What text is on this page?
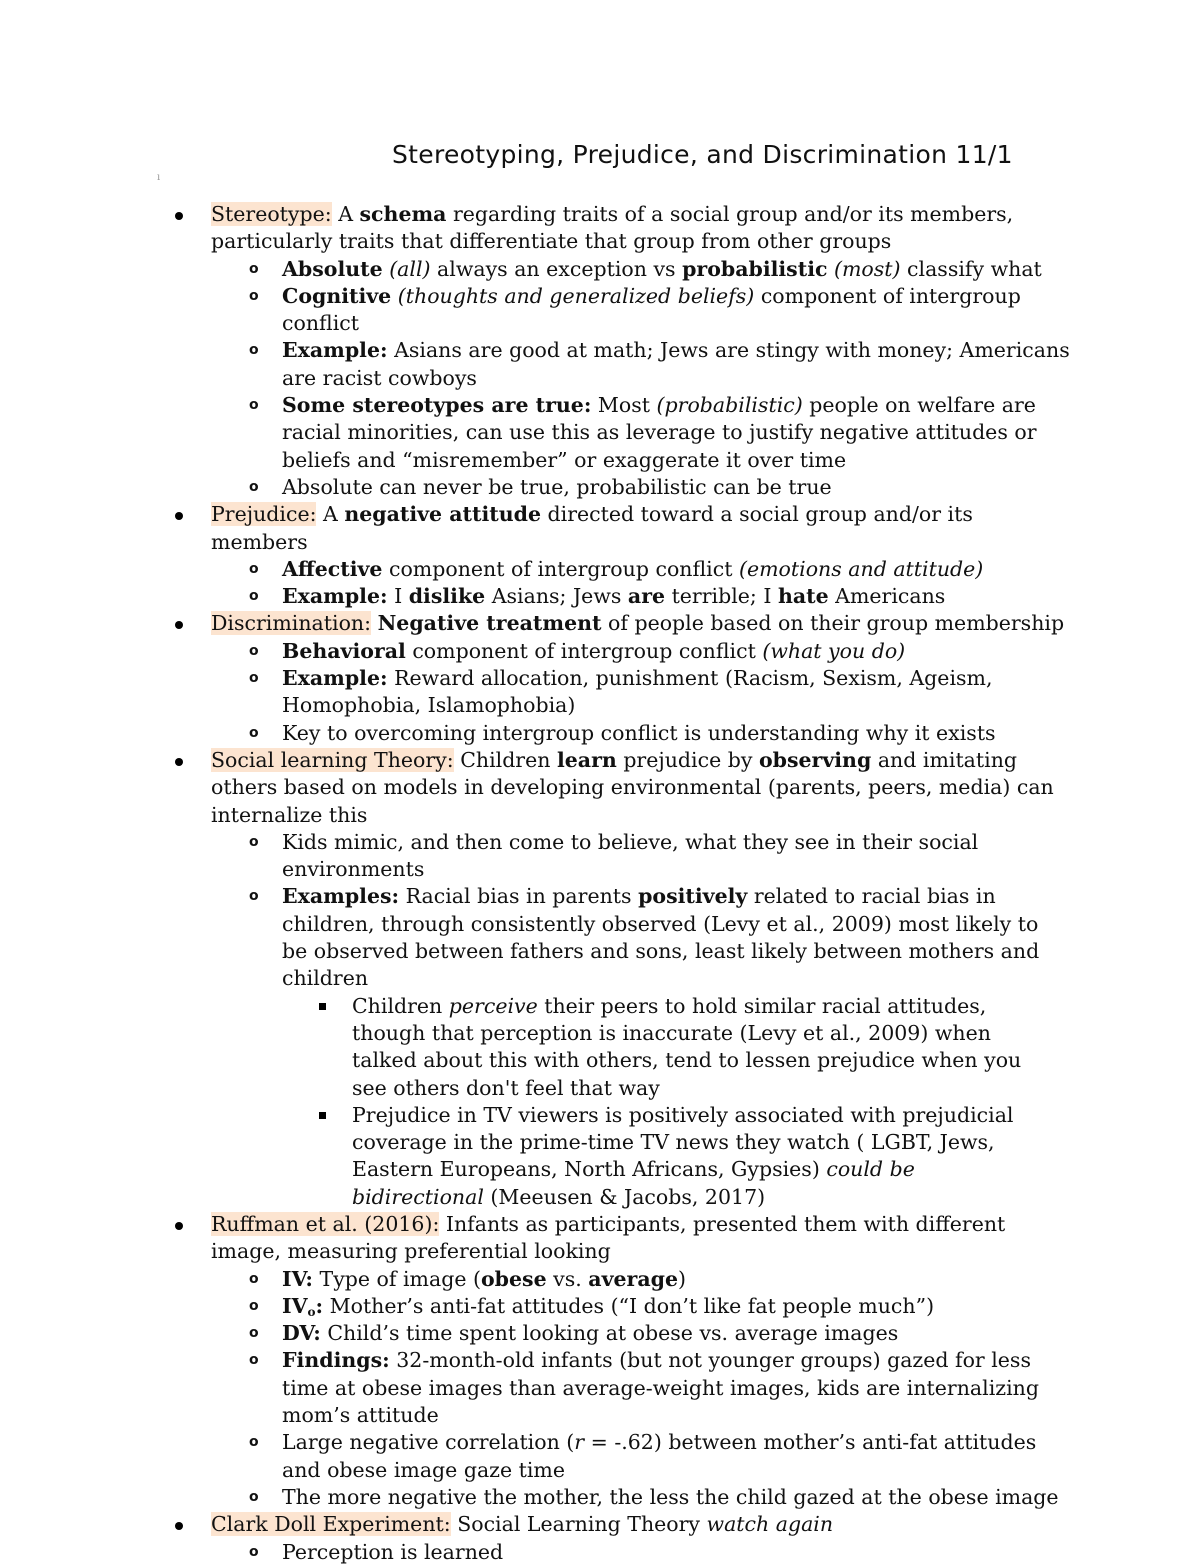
Stereotyping, Prejudice, and Discrimination 11/1
ı
Stereotype: A schema regarding traits of a social group and/or its members, particularly traits that differentiate that group from other groups
o Absolute (all) always an exception vs probabilistic (most) classify what
o Cognitive (thoughts and generalized beliefs) component of intergroup conflict
o Example: Asians are good at math; Jews are stingy with money; Americans are racist cowboys
o Some stereotypes are true: Most (probabilistic) people on welfare are racial minorities, can use this as leverage to justify negative attitudes or beliefs and “misremember” or exaggerate it over time
o Absolute can never be true, probabilistic can be true
Prejudice: A negative attitude directed toward a social group and/or its members
o Affective component of intergroup conflict (emotions and attitude)
o Example: I dislike Asians; Jews are terrible; I hate Americans
Discrimination: Negative treatment of people based on their group membership
o Behavioral component of intergroup conflict (what you do)
o Example: Reward allocation, punishment (Racism, Sexism, Ageism, Homophobia, Islamophobia)
o Key to overcoming intergroup conflict is understanding why it exists
Social learning Theory: Children learn prejudice by observing and imitating others based on models in developing environmental (parents, peers, media) can internalize this
o Kids mimic, and then come to believe, what they see in their social environments
o Examples: Racial bias in parents positively related to racial bias in children, through consistently observed (Levy et al., 2009) most likely to be observed between fathers and sons, least likely between mothers and children
Children perceive their peers to hold similar racial attitudes, though that perception is inaccurate (Levy et al., 2009) when talked about this with others, tend to lessen prejudice when you see others don't feel that way
Prejudice in TV viewers is positively associated with prejudicial coverage in the prime-time TV news they watch ( LGBT, Jews, Eastern Europeans, North Africans, Gypsies) could be bidirectional (Meeusen & Jacobs, 2017)
Ruffman et al. (2016): Infants as participants, presented them with different image, measuring preferential looking
o IV: Type of image (obese vs. average)
o $IV_o$: Mother’s anti-fat attitudes (“I don’t like fat people much”)
o DV: Child’s time spent looking at obese vs. average images
o Findings: 32-month-old infants (but not younger groups) gazed for less time at obese images than average-weight images, kids are internalizing mom’s attitude
o Large negative correlation (r = -.62) between mother’s anti-fat attitudes and obese image gaze time
o The more negative the mother, the less the child gazed at the obese image
Clark Doll Experiment: Social Learning Theory watch again
o Perception is learned
